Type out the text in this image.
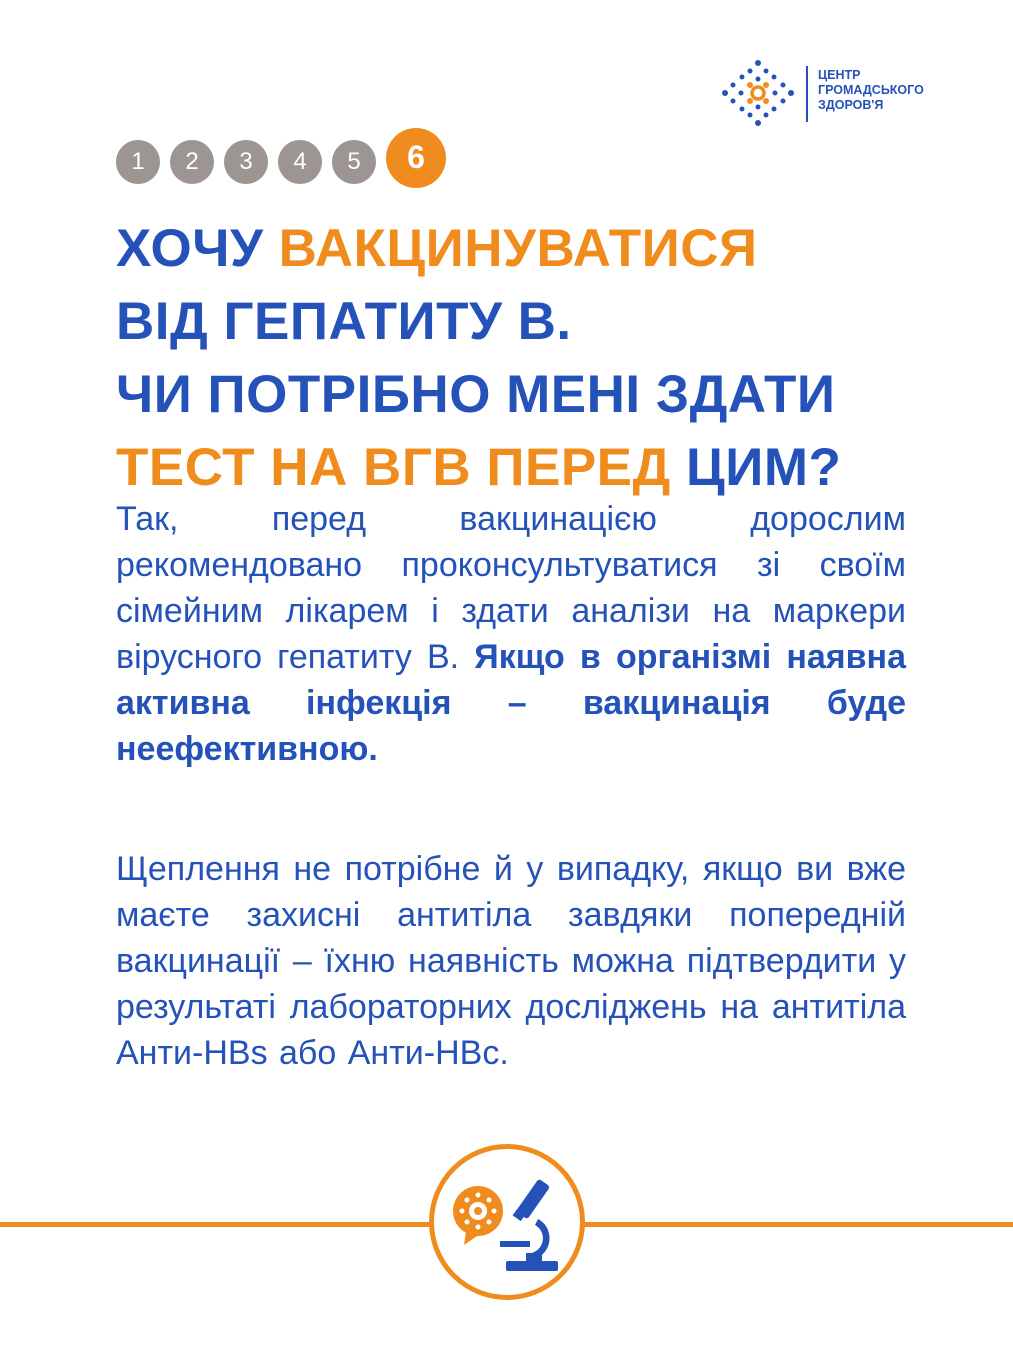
ЦЕНТР
ГРОМАДСЬКОГО
ЗДОРОВ'Я
1	2	3	4	5	6
ХОЧУ ВАКЦИНУВАТИСЯ
ВІД ГЕПАТИТУ В.
ЧИ ПОТРІБНО МЕНІ ЗДАТИ
ТЕСТ НА ВГВ ПЕРЕД ЦИМ?

Так, перед вакцинацією дорослим рекомендовано проконсультуватися зі своїм сімейним лікарем і здати аналізи на маркери вірусного гепатиту В. Якщо в організмі наявна активна інфекція – вакцинація буде неефективною.

Щеплення не потрібне й у випадку, якщо ви вже маєте захисні антитіла завдяки попередній вакцинації – їхню наявність можна підтвердити у результаті лабораторних досліджень на антитіла Анти-HBs або Анти-HBc.
